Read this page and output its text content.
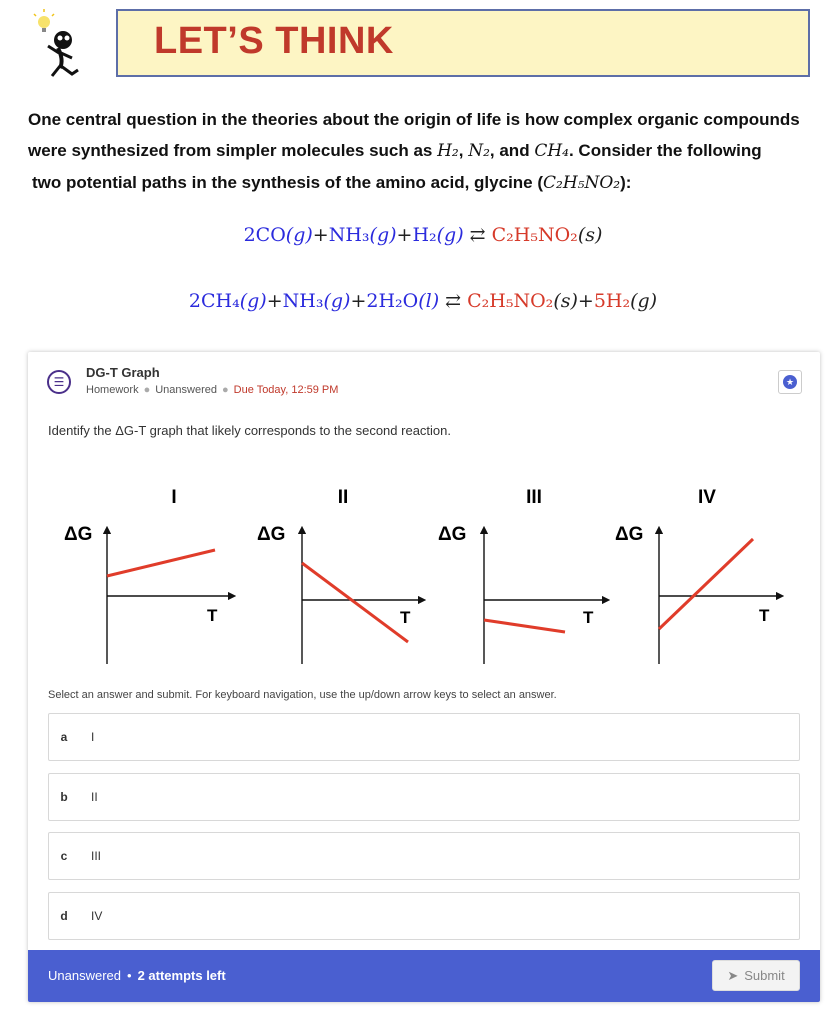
LET’S THINK
One central question in the theories about the origin of life is how complex organic compounds
were synthesized from simpler molecules such as H₂, N₂, and CH₄. Consider the following
two potential paths in the synthesis of the amino acid, glycine (C₂H₅NO₂):
2CO(g)+NH₃(g)+H₂(g) ⇄ C₂H₅NO₂(s)
2CH₄(g)+NH₃(g)+2H₂O(l) ⇄ C₂H₅NO₂(s)+5H₂(g)
☰
DG-T Graph
Homework ● Unanswered ● Due Today, 12:59 PM
★
Identify the ΔG-T graph that likely corresponds to the second reaction.
I
ΔG
T
II
ΔG
T
III
ΔG
T
IV
ΔG
T
Select an answer and submit. For keyboard navigation, use the up/down arrow keys to select an answer.
a	I
b	II
c	III
d	IV
Unanswered • 2 attempts left	➤ Submit
